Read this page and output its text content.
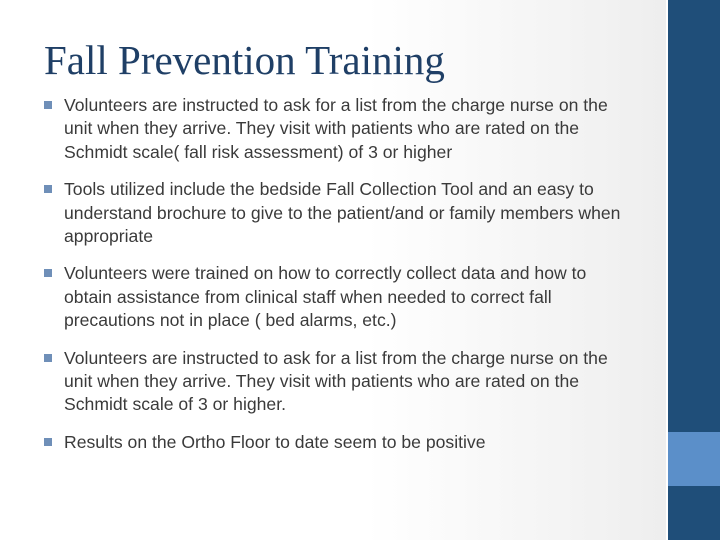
Fall Prevention Training
Volunteers are instructed to ask for a list from the charge nurse on the unit when they arrive. They visit with patients who are rated on the Schmidt scale( fall risk assessment) of 3 or higher
Tools utilized include the bedside Fall Collection Tool and an easy to understand brochure to give to the patient/and or family members when appropriate
Volunteers were trained on how to correctly collect data and how to obtain assistance from clinical staff when needed to correct fall precautions not in place ( bed alarms, etc.)
Volunteers are instructed to ask for a list from the charge nurse on the unit when they arrive. They visit with patients who are rated on the Schmidt scale of 3 or higher.
Results on the Ortho Floor to date seem to be positive
